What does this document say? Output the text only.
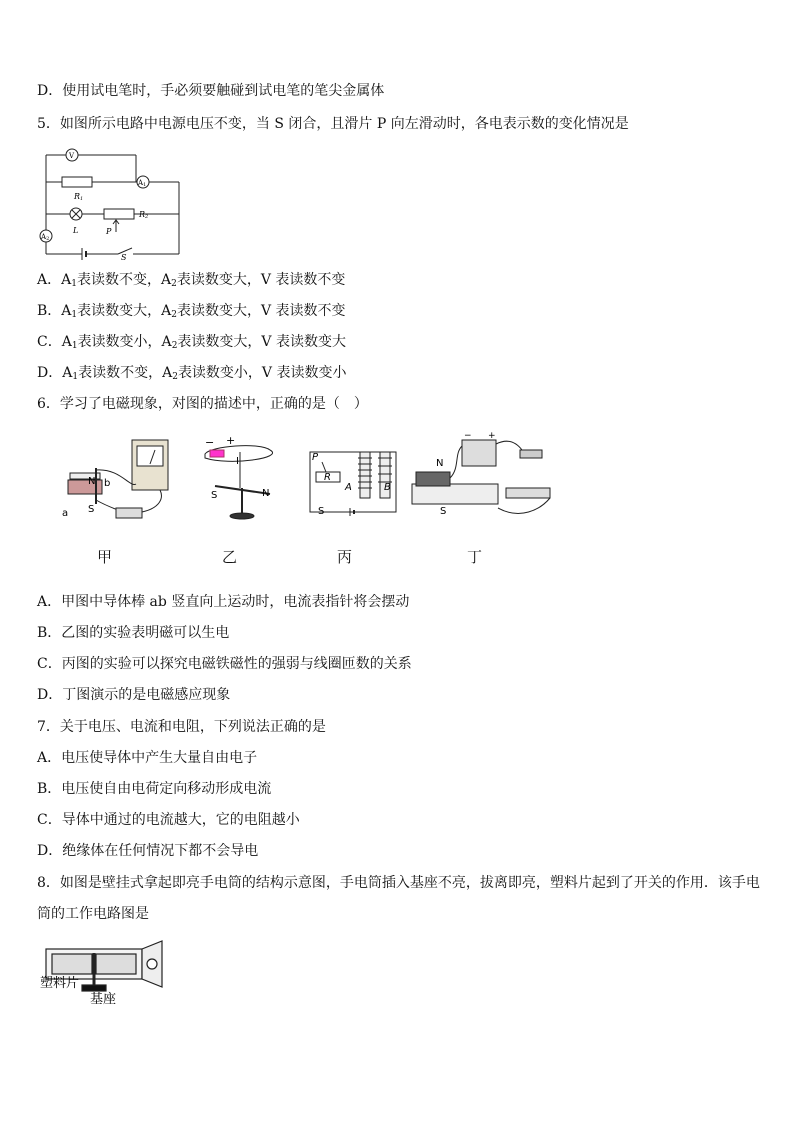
D．使用试电笔时，手必须要触碰到试电笔的笔尖金属体
5．如图所示电路中电源电压不变，当 S 闭合，且滑片 P 向左滑动时，各电表示数的变化情况是
V
A1
A2
R1
R2
L	P
S
A．$A_1$表读数不变，$A_2$表读数变大，V 表读数不变
B．$A_1$表读数变大，$A_2$表读数变大，V 表读数不变
C．$A_1$表读数变小，$A_2$表读数变大，V 表读数变大
D．$A_1$表读数不变，$A_2$表读数变小，V 表读数变小
6．学习了电磁现象，对图的描述中，正确的是（　）
N b
a S
− +
I
S	N
P
R
A	B
S
N
S
− +
甲	乙	丙	丁
A．甲图中导体棒 ab 竖直向上运动时，电流表指针将会摆动
B．乙图的实验表明磁可以生电
C．丙图的实验可以探究电磁铁磁性的强弱与线圈匝数的关系
D．丁图演示的是电磁感应现象
7．关于电压、电流和电阻，下列说法正确的是
A．电压使导体中产生大量自由电子
B．电压使自由电荷定向移动形成电流
C．导体中通过的电流越大，它的电阻越小
D．绝缘体在任何情况下都不会导电
8．如图是壁挂式拿起即亮手电筒的结构示意图，手电筒插入基座不亮，拔离即亮，塑料片起到了开关的作用．该手电
筒的工作电路图是
塑料片
基座
